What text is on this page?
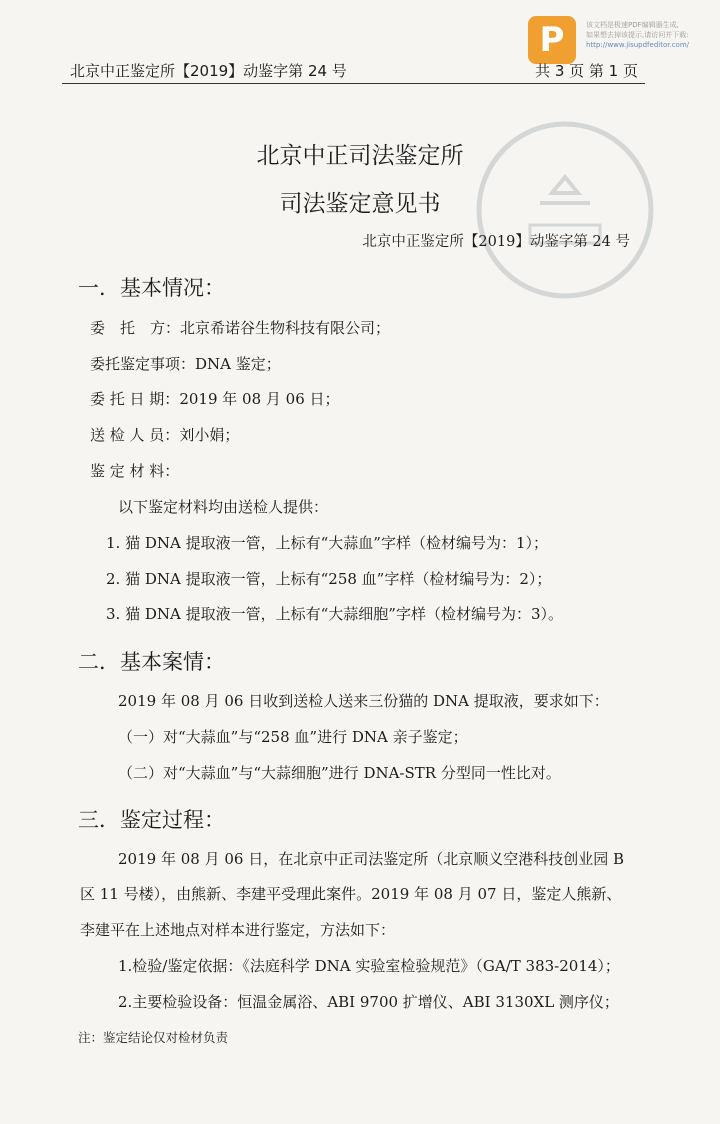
P	该文档是极速PDF编辑器生成,
如果想去掉该提示,请访问并下载:
http://www.jisupdfeditor.com/
北京中正鉴定所【2019】动鉴字第 24 号	共 3 页 第 1 页
北京中正司法鉴定所
司法鉴定意见书
北京中正鉴定所【2019】动鉴字第 24 号
一．基本情况：
委　托　方：北京希诺谷生物科技有限公司；
委托鉴定事项：DNA 鉴定；
委 托 日 期：2019 年 08 月 06 日；
送 检 人 员：刘小娟；
鉴 定 材 料：
以下鉴定材料均由送检人提供：
1. 猫 DNA 提取液一管，上标有“大蒜血”字样（检材编号为：1）；
2. 猫 DNA 提取液一管，上标有“258 血”字样（检材编号为：2）；
3. 猫 DNA 提取液一管，上标有“大蒜细胞”字样（检材编号为：3）。
二．基本案情：
2019 年 08 月 06 日收到送检人送来三份猫的 DNA 提取液，要求如下：
（一）对“大蒜血”与“258 血”进行 DNA 亲子鉴定；
（二）对“大蒜血”与“大蒜细胞”进行 DNA-STR 分型同一性比对。
三．鉴定过程：
2019 年 08 月 06 日，在北京中正司法鉴定所（北京顺义空港科技创业园 B
区 11 号楼），由熊新、李建平受理此案件。2019 年 08 月 07 日，鉴定人熊新、
李建平在上述地点对样本进行鉴定，方法如下：
1.检验/鉴定依据：《法庭科学 DNA 实验室检验规范》（GA/T 383-2014）；
2.主要检验设备：恒温金属浴、ABI 9700 扩增仪、ABI 3130XL 测序仪；
注：鉴定结论仅对检材负责
